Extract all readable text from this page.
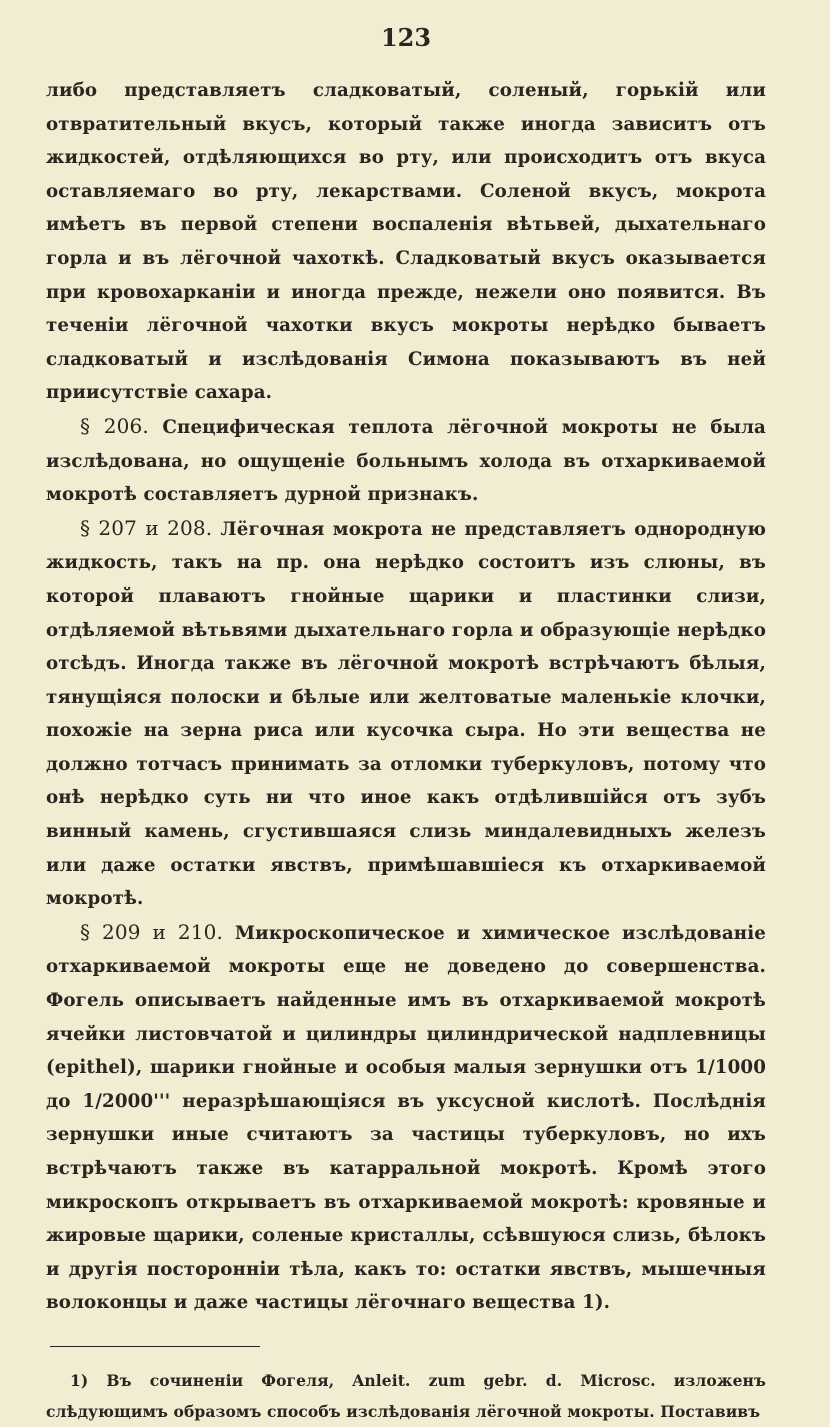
123

либо представляетъ сладковатый, соленый, горькій или отвратительный вкусъ, который также иногда зависитъ отъ жидкостей, отдѣляющихся во рту, или происходитъ отъ вкуса оставляемаго во рту, лекарствами. Соленой вкусъ, мокрота имѣетъ въ первой степени воспаленія вѣтьвей, дыхательнаго горла и въ лёгочной чахоткѣ. Сладковатый вкусъ оказывается при кровохарканіи и иногда прежде, нежели оно появится. Въ теченіи лёгочной чахотки вкусъ мокроты нерѣдко бываетъ сладковатый и изслѣдованія Симона показываютъ въ ней приисутствіе сахара.

§ 206. Специфическая теплота лёгочной мокроты не была изслѣдована, но ощущеніе больнымъ холода въ отхаркиваемой мокротѣ составляетъ дурной признакъ.

§ 207 и 208. Лёгочная мокрота не представляетъ однородную жидкость, такъ на пр. она нерѣдко состоитъ изъ слюны, въ которой плаваютъ гнойные щарики и пластинки слизи, отдѣляемой вѣтьвями дыхательнаго горла и образующіе нерѣдко отсѣдъ. Иногда также въ лёгочной мокротѣ встрѣчаютъ бѣлыя, тянущіяся полоски и бѣлые или желтоватые маленькіе клочки, похожіе на зерна риса или кусочка сыра. Но эти вещества не должно тотчасъ принимать за отломки туберкуловъ, потому что онѣ нерѣдко суть ни что иное какъ отдѣлившійся отъ зубъ винный камень, сгустившаяся слизь миндалевидныхъ железъ или даже остатки явствъ, примѣшавшіеся къ отхаркиваемой мокротѣ.

§ 209 и 210. Микроскопическое и химическое изслѣдованіе отхаркиваемой мокроты еще не доведено до совершенства. Фогель описываетъ найденные имъ въ отхаркиваемой мокротѣ ячейки листовчатой и цилиндры цилиндрической надплевницы (epithel), шарики гнойные и особыя малыя зернушки отъ 1/1000 до 1/2000''' неразрѣшающіяся въ уксусной кислотѣ. Послѣднія зернушки иные считаютъ за частицы туберкуловъ, но ихъ встрѣчаютъ также въ катарральной мокротѣ. Кромѣ этого микроскопъ открываетъ въ отхаркиваемой мокротѣ: кровяные и жировые щарики, соленые кристаллы, ссѣвшуюся слизь, бѣлокъ и другія посторонніи тѣла, какъ то: остатки явствъ, мышечныя волоконцы и даже частицы лёгочнаго вещества 1).

1) Въ сочиненіи Фогеля, Anleit. zum gebr. d. Microsc. изложенъ слѣдующимъ образомъ способъ изслѣдованія лёгочной мокроты. Поставивъ
